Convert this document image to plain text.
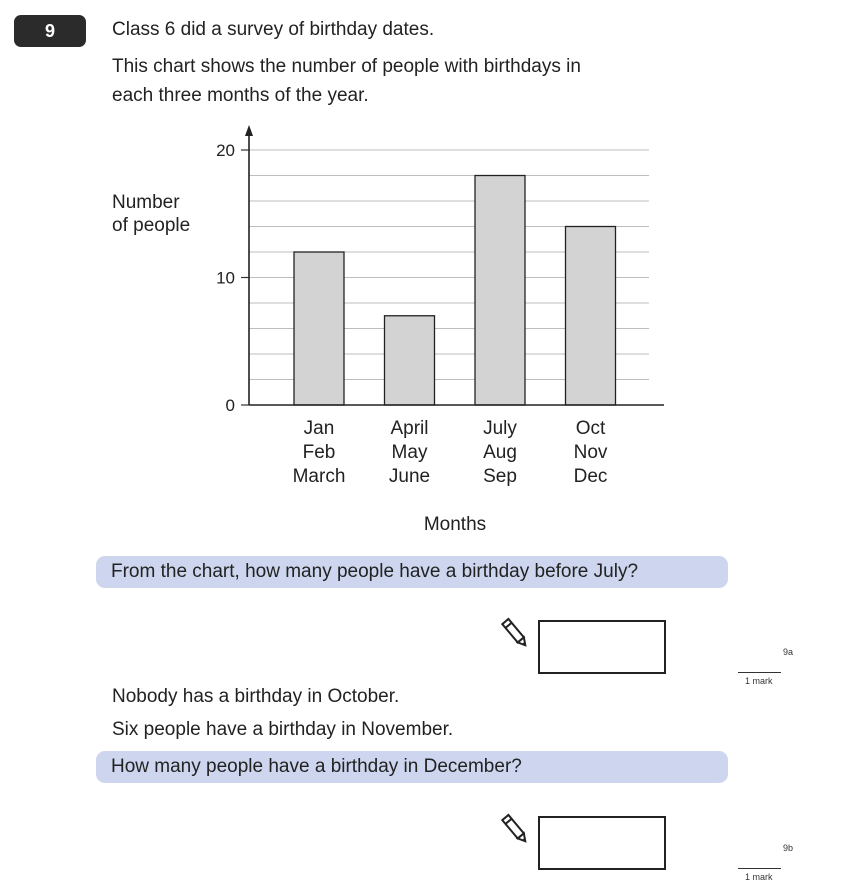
9	Class 6 did a survey of birthday dates.
This chart shows the number of people with birthdays in
each three months of the year.
0
10
20
Number
of people
Jan
Feb
March
April
May
June
July
Aug
Sep
Oct
Nov
Dec
Months
From the chart, how many people have a birthday before July?
9a
1 mark
Nobody has a birthday in October.
Six people have a birthday in November.
How many people have a birthday in December?
9b
1 mark
